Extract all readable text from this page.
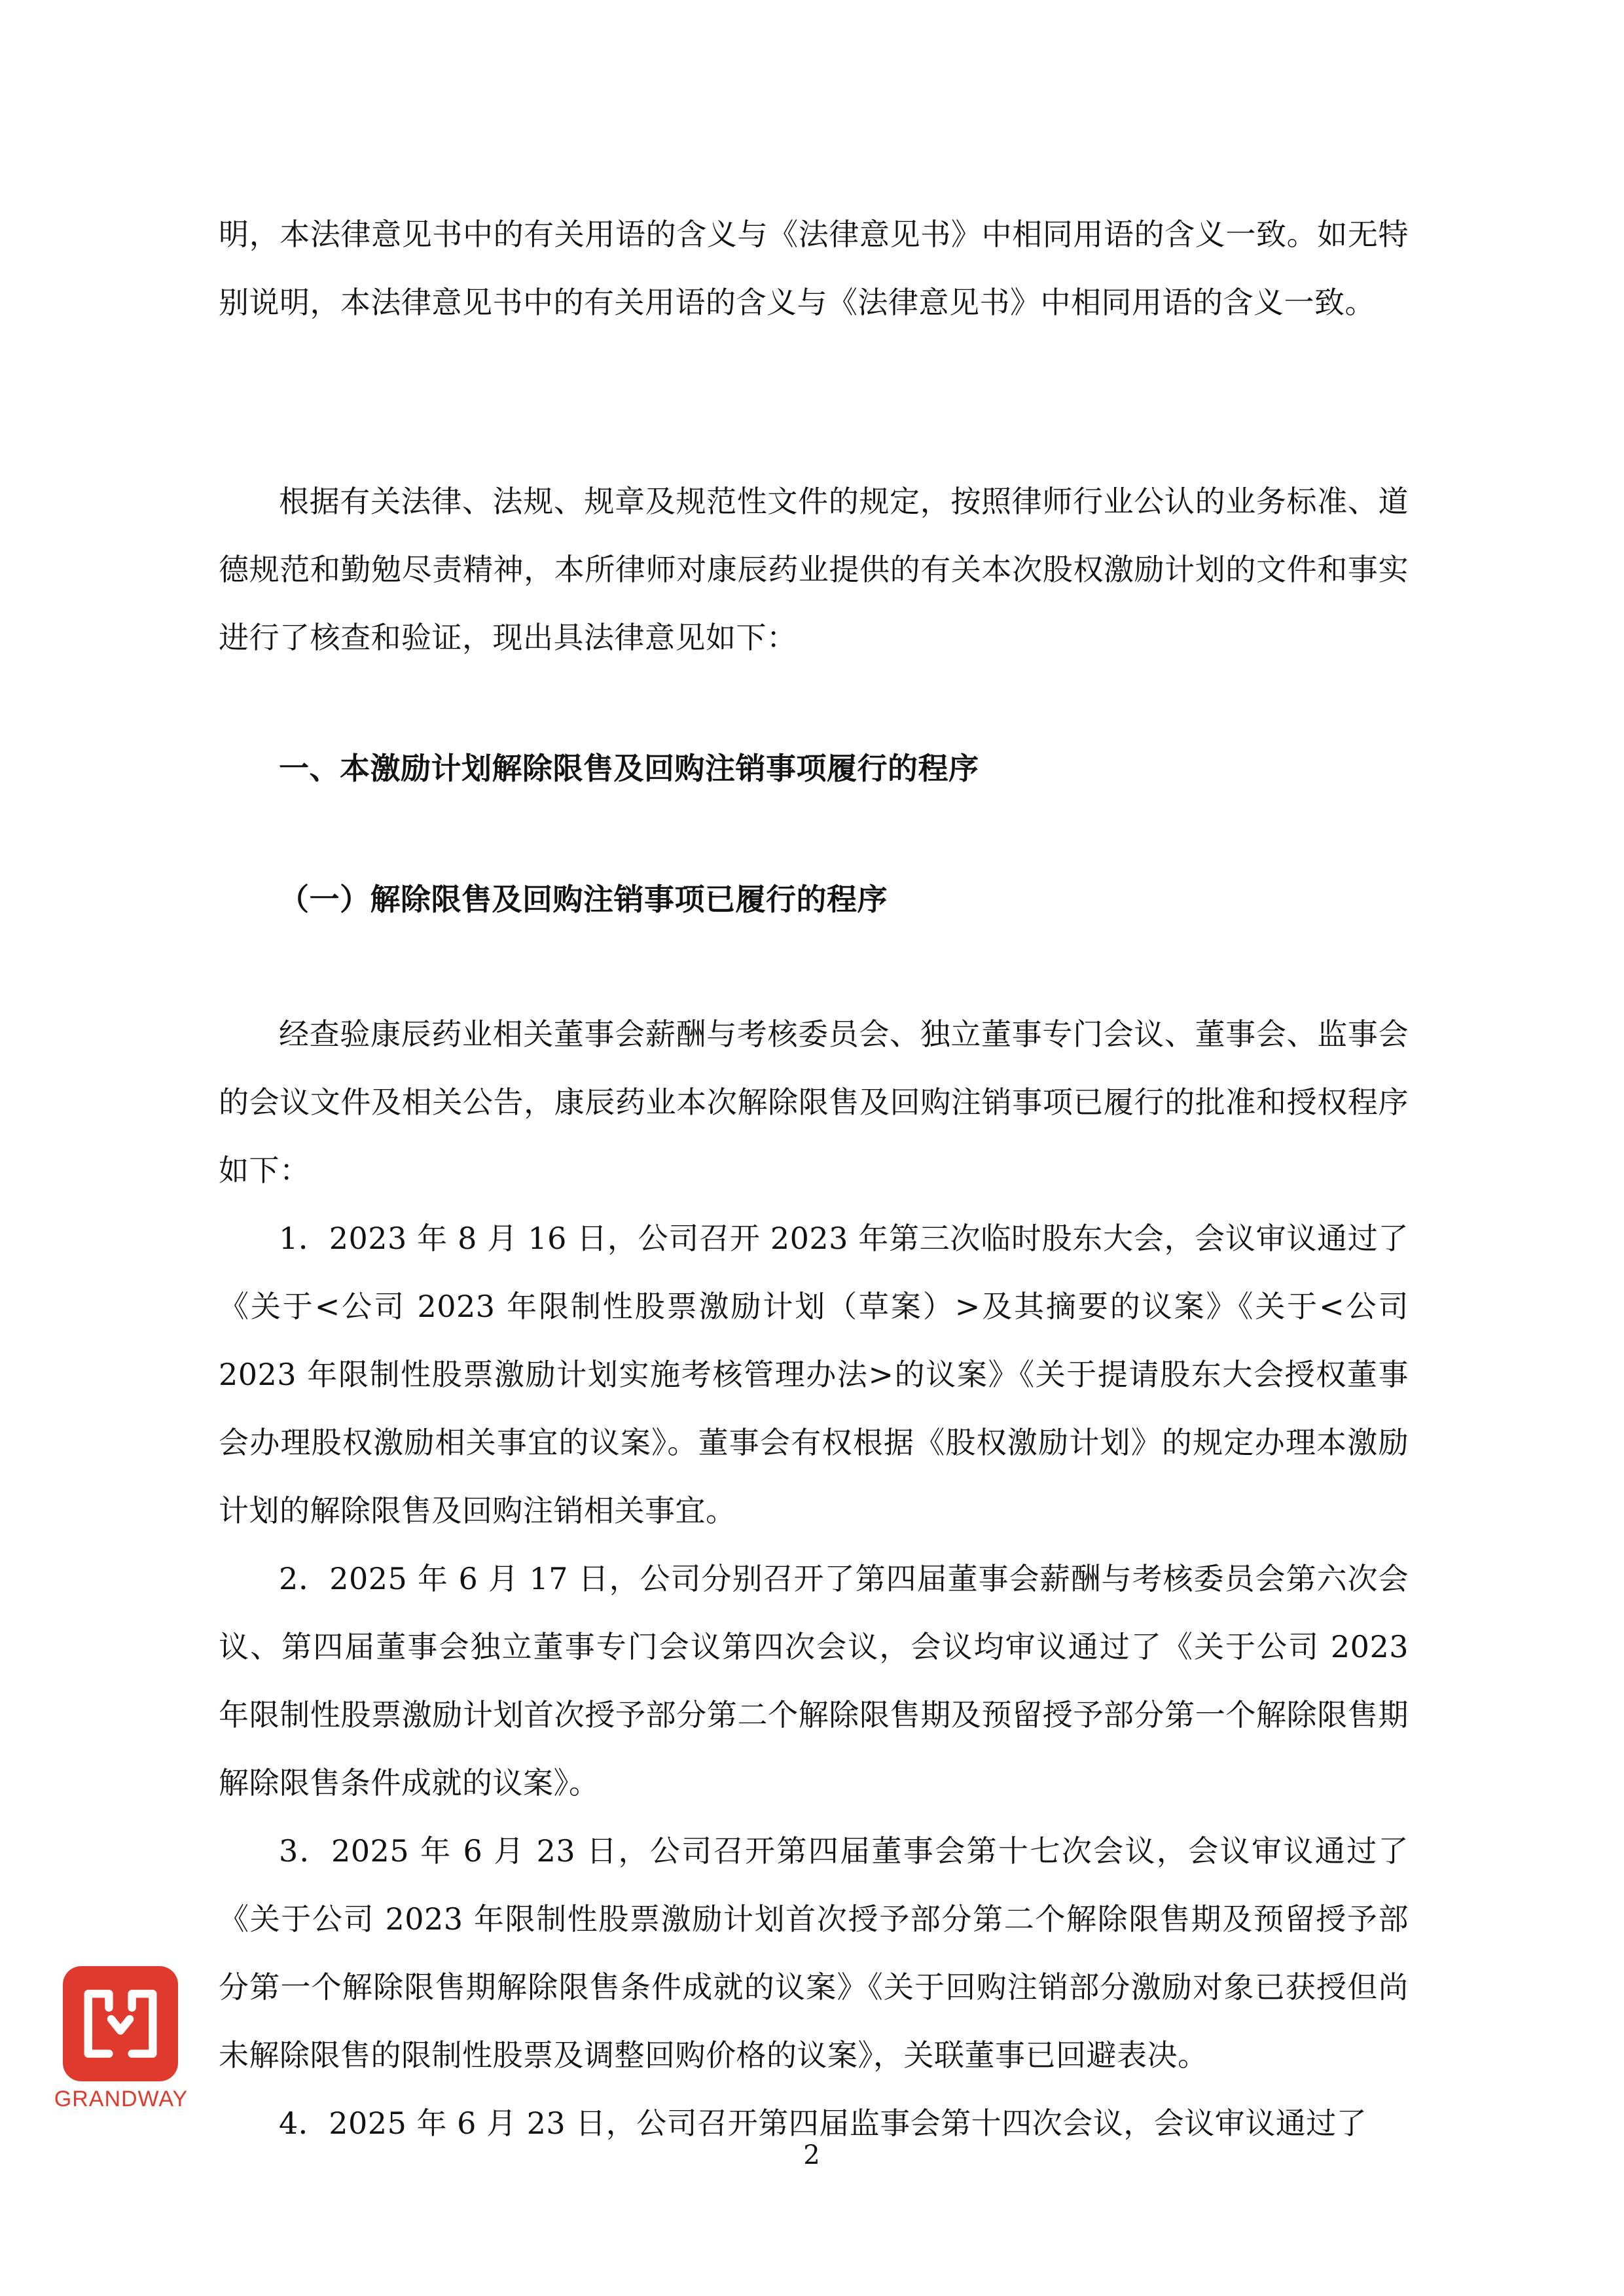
明，本法律意见书中的有关用语的含义与《法律意见书》中相同用语的含义一致。如无特别说明，本法律意见书中的有关用语的含义与《法律意见书》中相同用语的含义一致。

根据有关法律、法规、规章及规范性文件的规定，按照律师行业公认的业务标准、道德规范和勤勉尽责精神，本所律师对康辰药业提供的有关本次股权激励计划的文件和事实进行了核查和验证，现出具法律意见如下：

一、本激励计划解除限售及回购注销事项履行的程序
（一）解除限售及回购注销事项已履行的程序

经查验康辰药业相关董事会薪酬与考核委员会、独立董事专门会议、董事会、监事会的会议文件及相关公告，康辰药业本次解除限售及回购注销事项已履行的批准和授权程序如下：

1．2023 年 8 月 16 日，公司召开 2023 年第三次临时股东大会，会议审议通过了《关于<公司 2023 年限制性股票激励计划（草案）>及其摘要的议案》《关于<公司 2023 年限制性股票激励计划实施考核管理办法>的议案》《关于提请股东大会授权董事会办理股权激励相关事宜的议案》。董事会有权根据《股权激励计划》的规定办理本激励计划的解除限售及回购注销相关事宜。

2．2025 年 6 月 17 日，公司分别召开了第四届董事会薪酬与考核委员会第六次会议、第四届董事会独立董事专门会议第四次会议，会议均审议通过了《关于公司 2023 年限制性股票激励计划首次授予部分第二个解除限售期及预留授予部分第一个解除限售期解除限售条件成就的议案》。

3．2025 年 6 月 23 日，公司召开第四届董事会第十七次会议，会议审议通过了《关于公司 2023 年限制性股票激励计划首次授予部分第二个解除限售期及预留授予部分第一个解除限售期解除限售条件成就的议案》《关于回购注销部分激励对象已获授但尚未解除限售的限制性股票及调整回购价格的议案》，关联董事已回避表决。

4．2025 年 6 月 23 日，公司召开第四届监事会第十四次会议，会议审议通过了

GRANDWAY
2
